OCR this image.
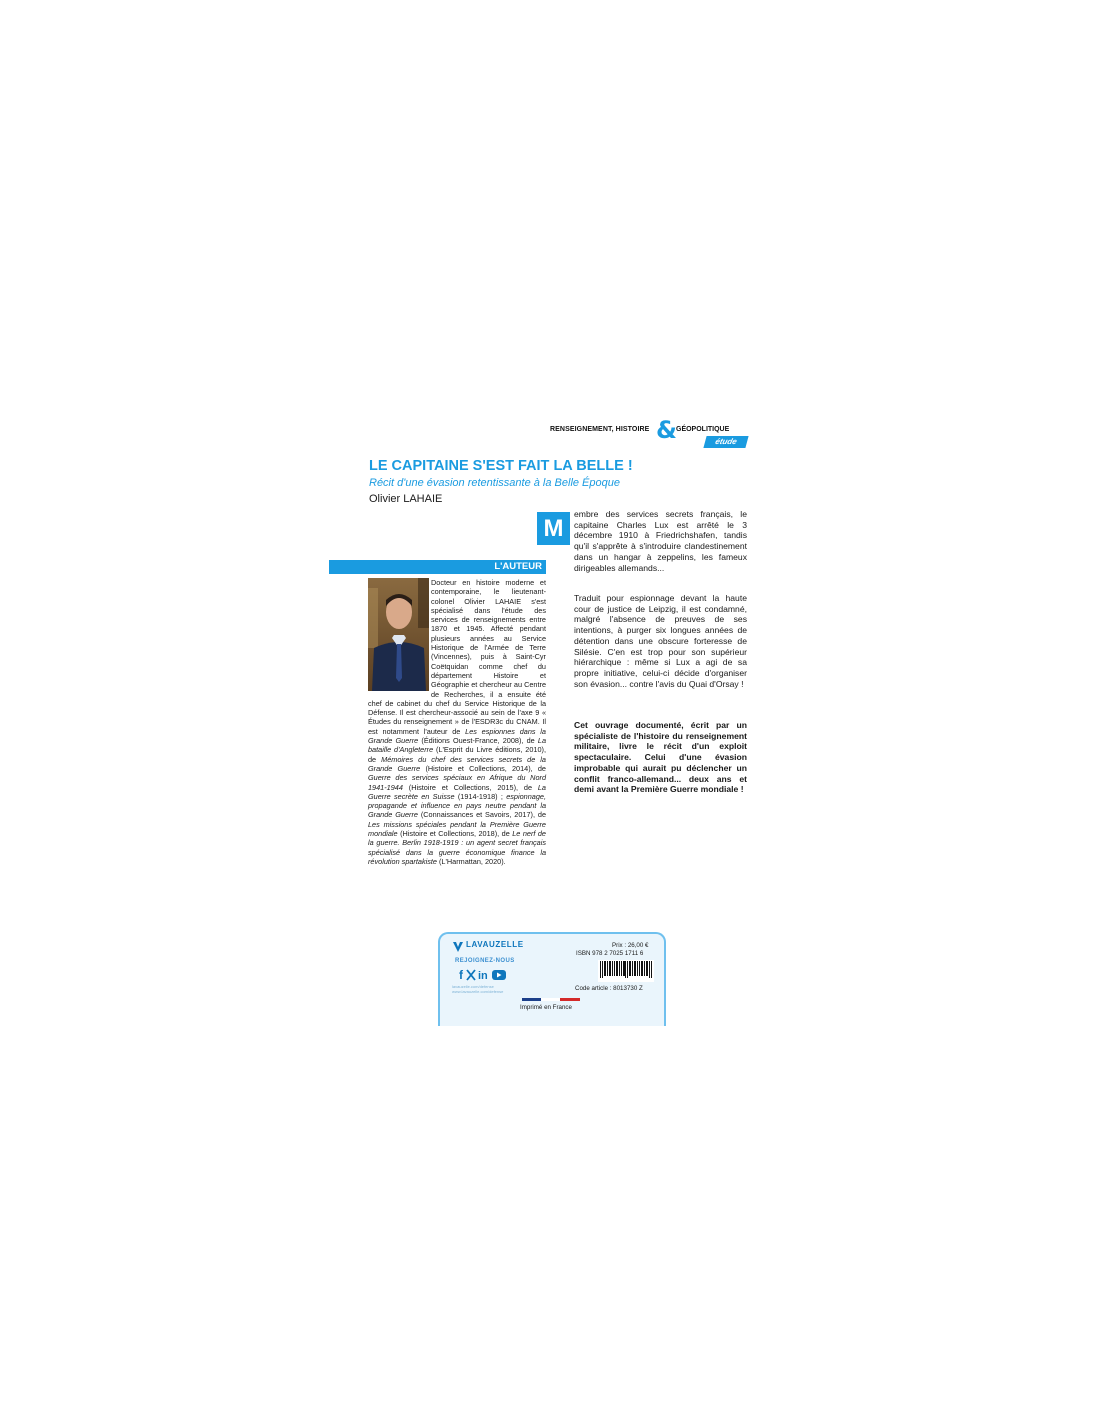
RENSEIGNEMENT, HISTOIRE & GÉOPOLITIQUE
étude
LE CAPITAINE S'EST FAIT LA BELLE !
Récit d'une évasion retentissante à la Belle Époque
Olivier LAHAIE
L'AUTEUR
Docteur en histoire moderne et contemporaine, le lieutenant-colonel Olivier LAHAIE s'est spécialisé dans l'étude des services de renseignements entre 1870 et 1945. Affecté pendant plusieurs années au Service Historique de l'Armée de Terre (Vincennes), puis à Saint-Cyr Coëtquidan comme chef du département Histoire et Géographie et chercheur au Centre de Recherches, il a ensuite été chef de cabinet du chef du Service Historique de la Défense. Il est chercheur-associé au sein de l'axe 9 « Études du renseignement » de l'ESDR3c du CNAM. Il est notamment l'auteur de Les espionnes dans la Grande Guerre (Éditions Ouest-France, 2008), de La bataille d'Angleterre (L'Esprit du Livre éditions, 2010), de Mémoires du chef des services secrets de la Grande Guerre (Histoire et Collections, 2014), de Guerre des services spéciaux en Afrique du Nord 1941-1944 (Histoire et Collections, 2015), de La Guerre secrète en Suisse (1914-1918) ; espionnage, propagande et influence en pays neutre pendant la Grande Guerre (Connaissances et Savoirs, 2017), de Les missions spéciales pendant la Première Guerre mondiale (Histoire et Collections, 2018), de Le nerf de la guerre. Berlin 1918-1919 : un agent secret français spécialisé dans la guerre économique finance la révolution spartakiste (L'Harmattan, 2020).
M
embre des services secrets français, le capitaine Charles Lux est arrêté le 3 décembre 1910 à Friedrichshafen, tandis qu'il s'apprête à s'introduire clandestinement dans un hangar à zeppelins, les fameux dirigeables allemands...
Traduit pour espionnage devant la haute cour de justice de Leipzig, il est condamné, malgré l'absence de preuves de ses intentions, à purger six longues années de détention dans une obscure forteresse de Silésie. C'en est trop pour son supérieur hiérarchique : même si Lux a agi de sa propre initiative, celui-ci décide d'organiser son évasion... contre l'avis du Quai d'Orsay !
Cet ouvrage documenté, écrit par un spécialiste de l'histoire du renseignement militaire, livre le récit d'un exploit spectaculaire. Celui d'une évasion improbable qui aurait pu déclencher un conflit franco-allemand... deux ans et demi avant la Première Guerre mondiale !
LAVAUZELLE
REJOIGNEZ-NOUS
f in
lavauzelle.com/defense
www.lavauzelle.com/defense
Prix : 26,00 €
ISBN 978 2 7025 1711 6
Code article : 8013730 Z
Imprimé en France
